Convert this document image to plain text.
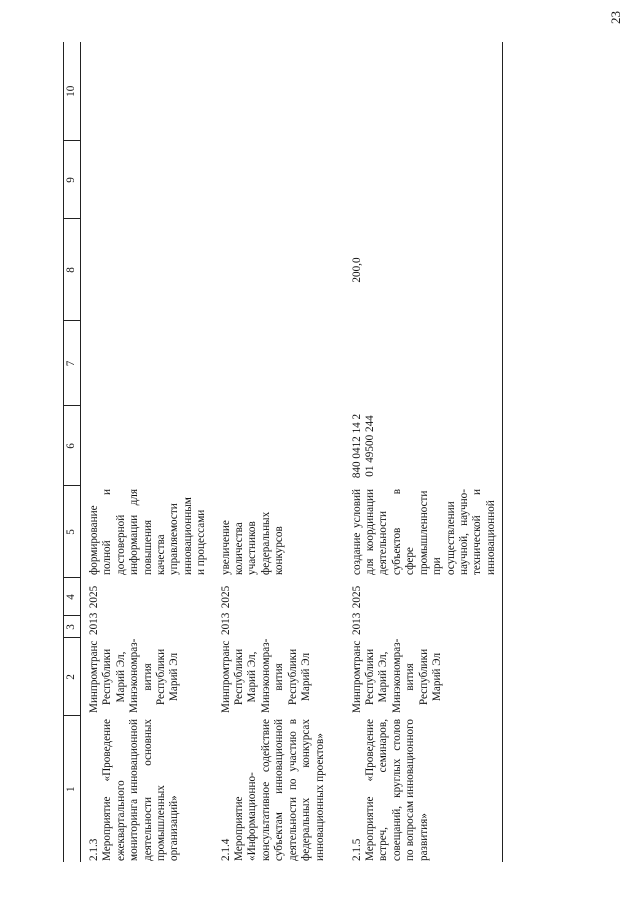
23
1	2	3	4	5	6	7	8	9	10

2.1.3 Мероприятие «Проведение ежеквартального мониторинга инновационной деятельности основных промышленных организаций»	Минпромтранс Республики Марий Эл, Минэкономраз-вития Республики Марий Эл	2013	2025	формирование полной и достоверной информации для повышения качества управляемости инновационным и процессами					

2.1.4 Мероприятие «Информационно-консультативное содействие субъектам инновационной деятельности по участию в федеральных конкурсах инновационных проектов»	Минпромтранс Республики Марий Эл, Минэкономраз-вития Республики Марий Эл	2013	2025	увеличение количества участников федеральных конкурсов					

2.1.5 Мероприятие «Проведение встреч, семинаров, совещаний, круглых столов по вопросам инновационного развития»	Минпромтранс Республики Марий Эл, Минэкономраз-вития Республики Марий Эл	2013	2025	создание условий для координации деятельности субъектов в сфере промышленности при осуществлении научной, научно-технической и инновационной	840 0412 14 2 01 49500 244		200,0		
